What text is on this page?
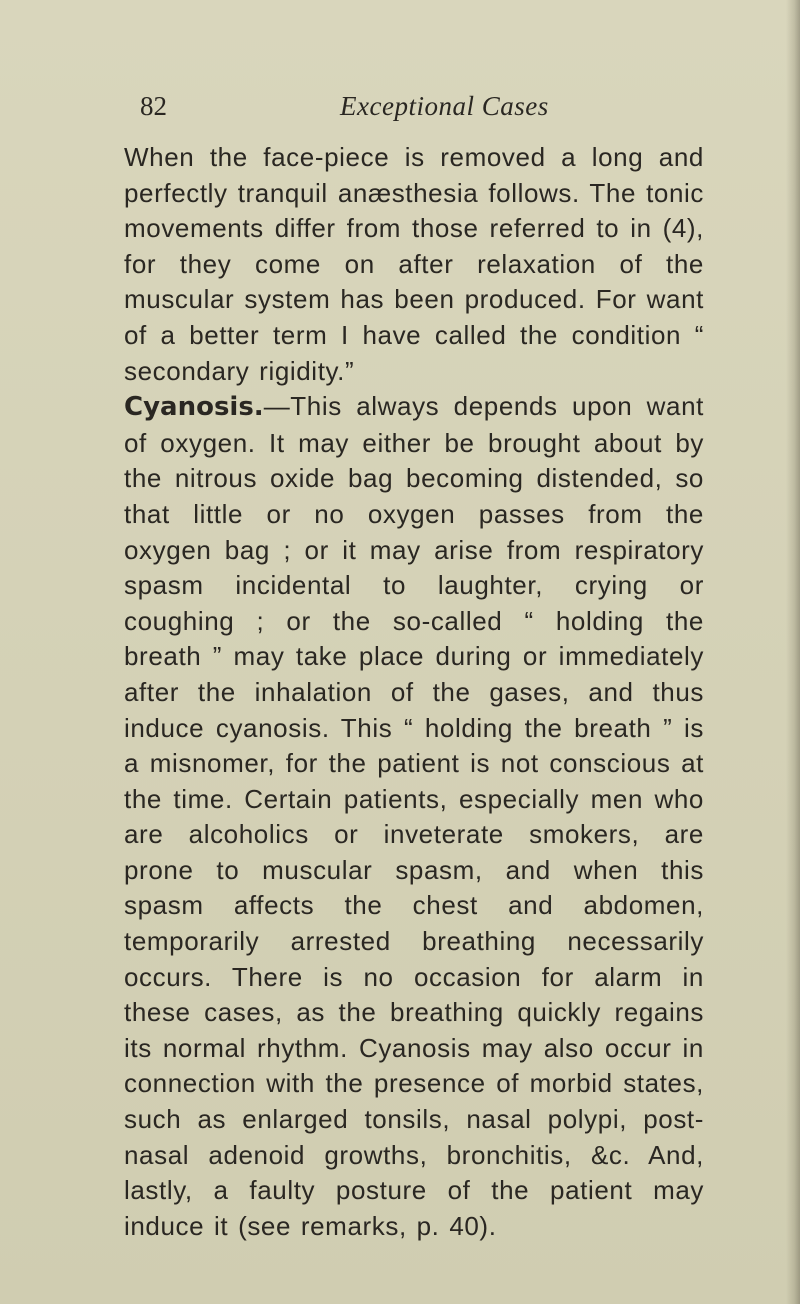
82	Exceptional Cases

When the face-piece is removed a long and perfectly tranquil anæsthesia follows. The tonic movements differ from those referred to in (4), for they come on after relaxation of the muscular system has been produced. For want of a better term I have called the condition “ secondary rigidity.”

Cyanosis.—This always depends upon want of oxygen. It may either be brought about by the nitrous oxide bag becoming distended, so that little or no oxygen passes from the oxygen bag ; or it may arise from respiratory spasm incidental to laughter, crying or coughing ; or the so-called “ holding the breath ” may take place during or immediately after the inhalation of the gases, and thus induce cyanosis. This “ holding the breath ” is a misnomer, for the patient is not conscious at the time. Certain patients, especially men who are alcoholics or inveterate smokers, are prone to muscular spasm, and when this spasm affects the chest and abdomen, temporarily arrested breathing necessarily occurs. There is no occasion for alarm in these cases, as the breathing quickly regains its normal rhythm. Cyanosis may also occur in connection with the presence of morbid states, such as enlarged tonsils, nasal polypi, post-nasal adenoid growths, bronchitis, &c. And, lastly, a faulty posture of the patient may induce it (see remarks, p. 40).
